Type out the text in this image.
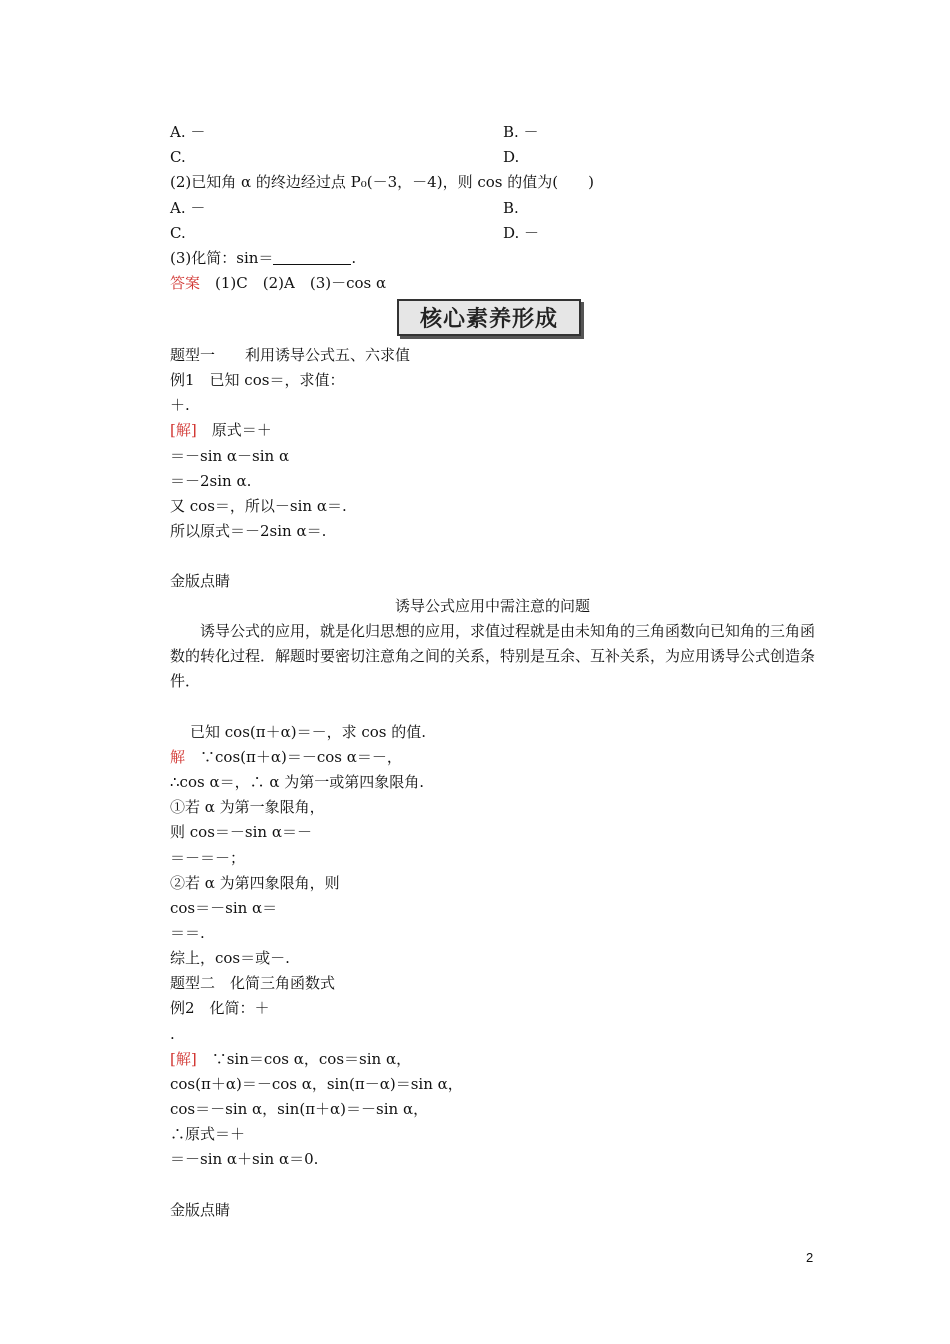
A. －	B. －
C.	D.
(2)已知角 α 的终边经过点 P₀(－3，－4)，则 cos 的值为(　　)
A. －	B.
C.	D. －
(3)化简：sin＝	.
答案　 (1)C　(2)A　(3)－cos α
核心素养形成
题型一　　利用诱导公式五、六求值
例1　已知 cos＝，求值：
＋.
[解]　原式＝＋
＝－sin α－sin α
＝－2sin α.
又 cos＝，所以－sin α＝.
所以原式＝－2sin α＝.
金版点睛
诱导公式应用中需注意的问题
诱导公式的应用，就是化归思想的应用，求值过程就是由未知角的三角函数向已知角的三角函数的转化过程．解题时要密切注意角之间的关系，特别是互余、互补关系，为应用诱导公式创造条件．
已知 cos(π＋α)＝－，求 cos 的值.
解　∵cos(π＋α)＝－cos α＝－，
∴cos α＝，∴ α 为第一或第四象限角.
①若 α 为第一象限角，
则 cos＝－sin α＝－
＝－＝－；
②若 α 为第四象限角，则
cos＝－sin α＝
＝＝.
综上，cos＝或－.
题型二　化简三角函数式
例2　化简：＋
.
[解]　∵sin＝cos α，cos＝sin α，
cos(π＋α)＝－cos α，sin(π－α)＝sin α，
cos＝－sin α，sin(π＋α)＝－sin α，
∴原式＝＋
＝－sin α＋sin α＝0.
金版点睛
2
